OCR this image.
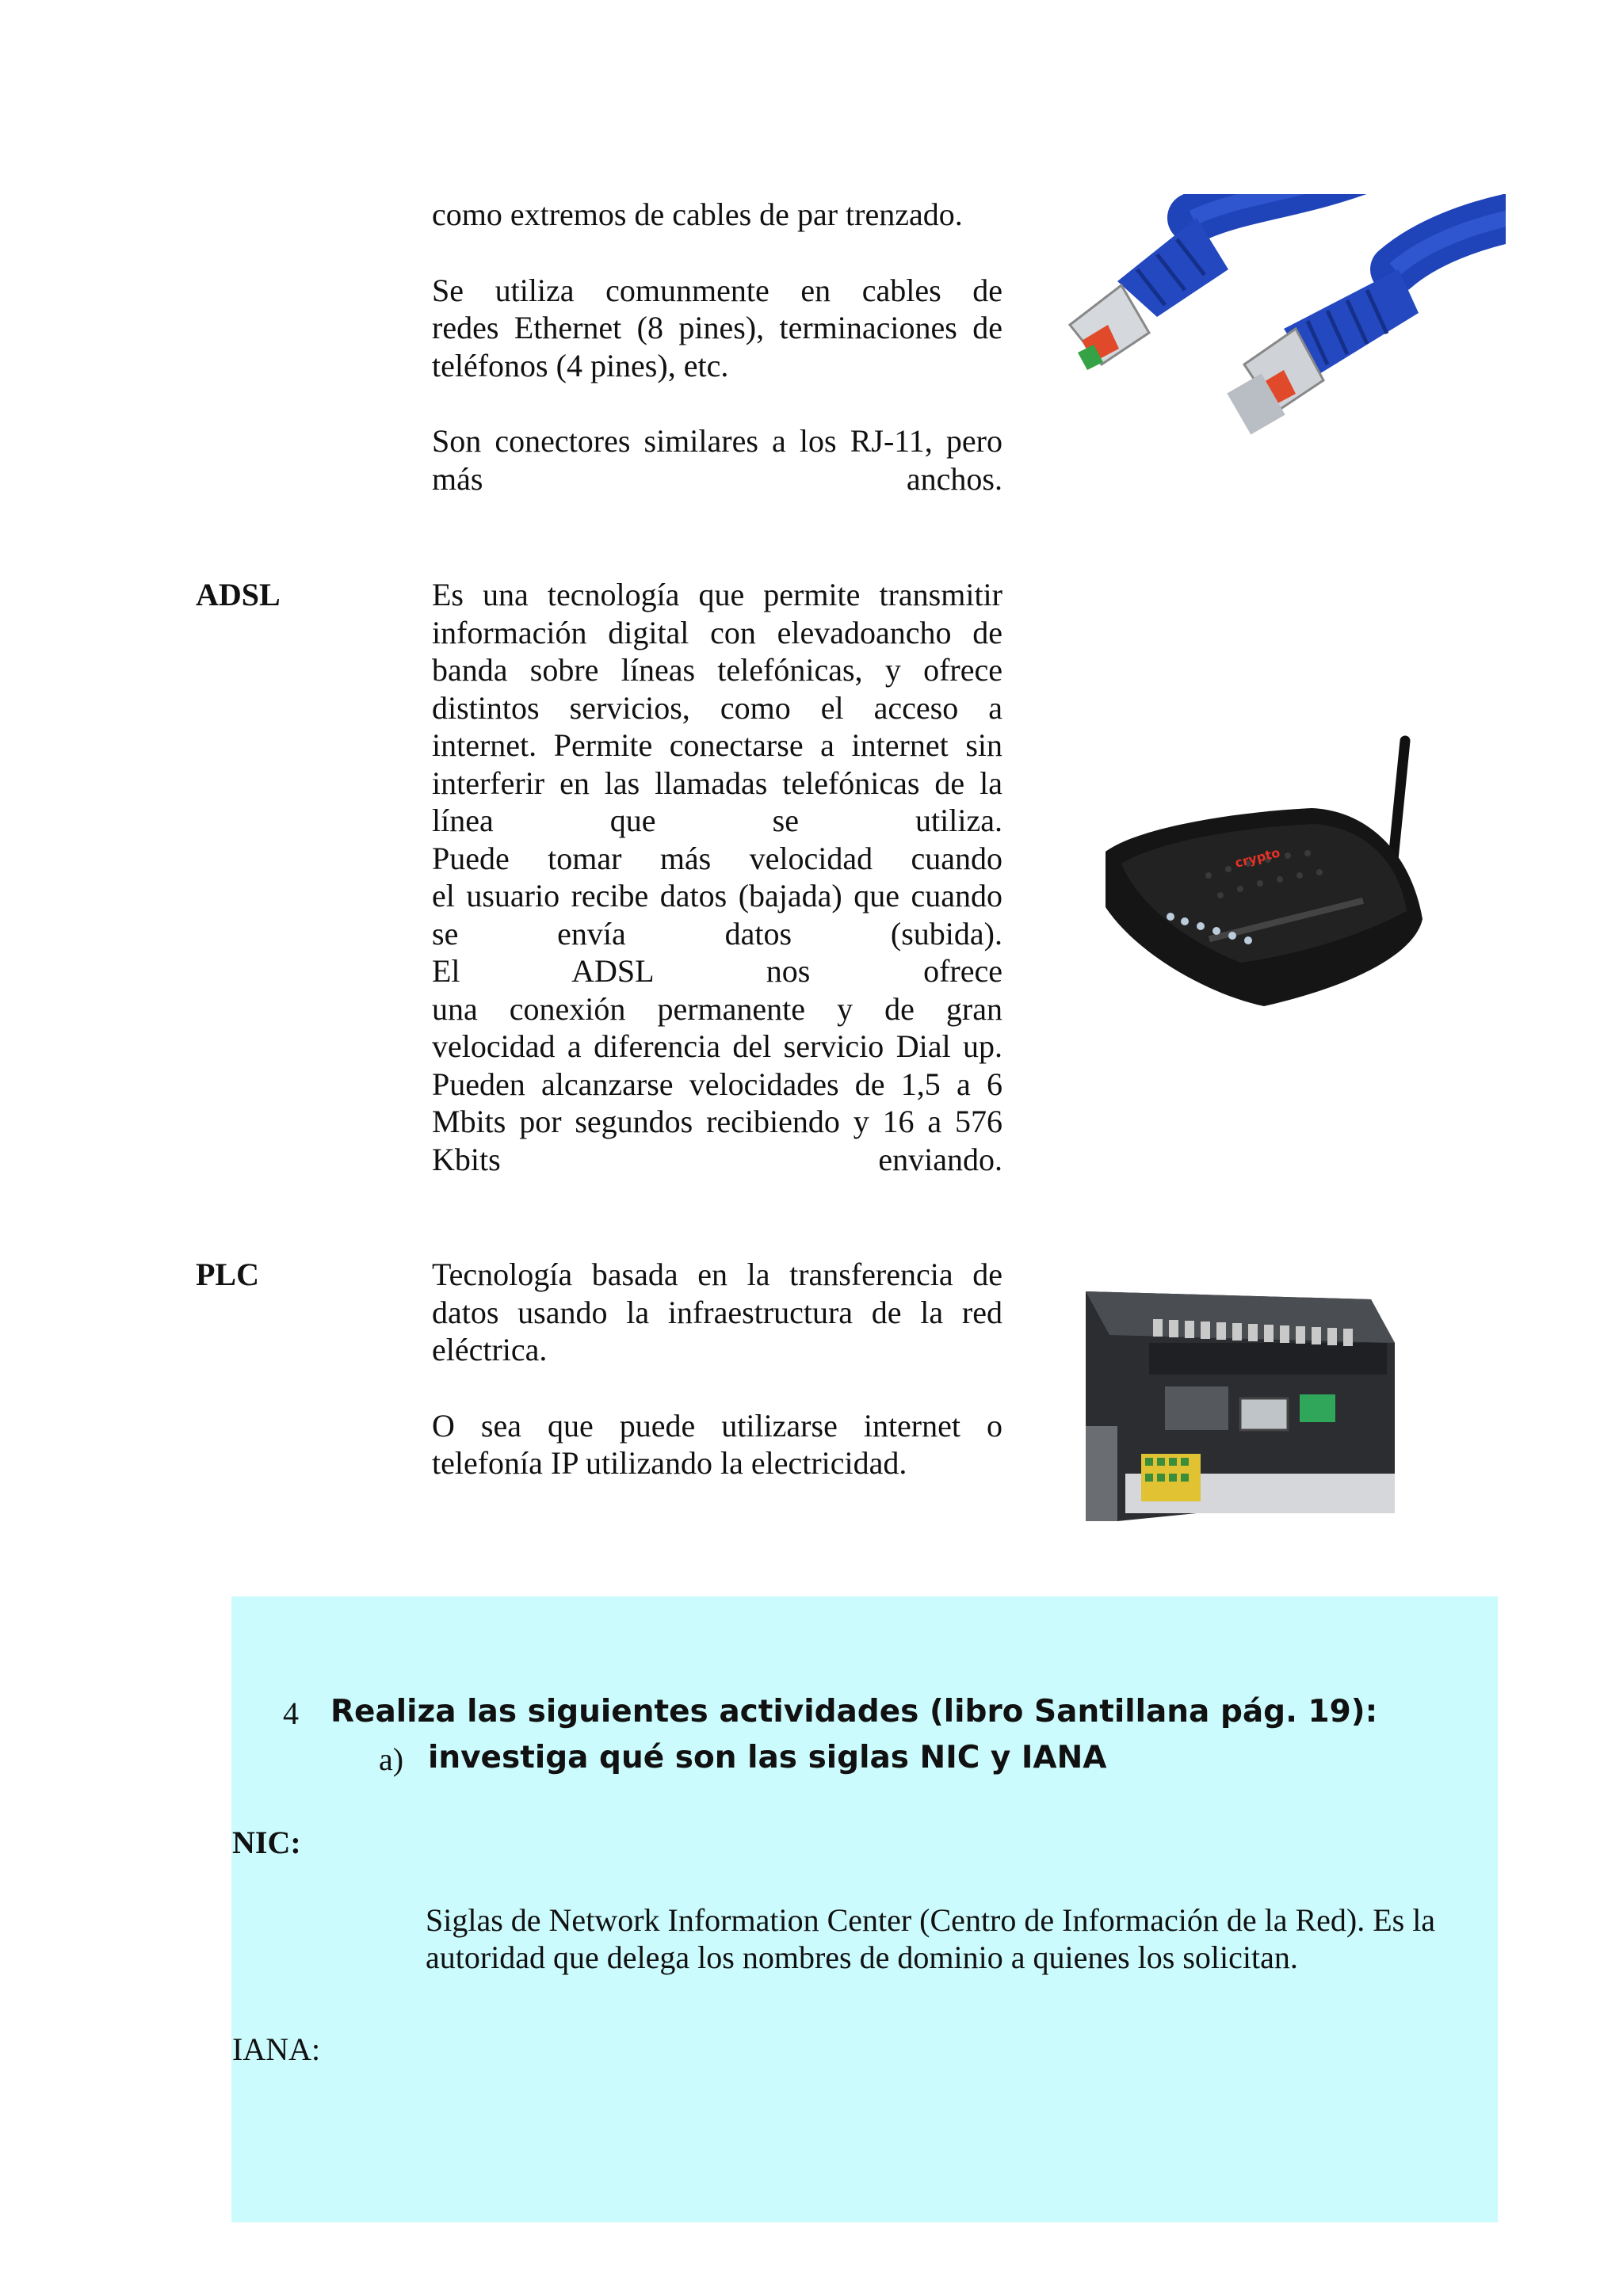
como extremos de cables de par trenzado.

Se utiliza comunmente en cables de
redes Ethernet (8 pines), terminaciones de
teléfonos (4 pines), etc.

Son conectores similares a los RJ-11, pero
más anchos.

ADSL	Es una tecnología que permite transmitir
información digital con elevadoancho de
banda sobre líneas telefónicas, y ofrece
distintos servicios, como el acceso a
internet. Permite conectarse a internet sin
interferir en las llamadas telefónicas de la
línea que se utiliza.
Puede tomar más velocidad cuando
el usuario recibe datos (bajada) que cuando
se envía datos (subida).
El ADSL nos ofrece
una conexión permanente y de gran
velocidad a diferencia del servicio Dial up.
Pueden alcanzarse velocidades de 1,5 a 6
Mbits por segundos recibiendo y 16 a 576
Kbits enviando.

crypto
PLC	Tecnología basada en la transferencia de
datos usando la infraestructura de la red
eléctrica.

O sea que puede utilizarse internet o
telefonía IP utilizando la electricidad.

4 Realiza las siguientes actividades (libro Santillana pág. 19):
a) investiga qué son las siglas NIC y IANA
NIC:
Siglas de Network Information Center (Centro de Información de la Red). Es la autoridad que delega los nombres de dominio a quienes los solicitan.
IANA:
